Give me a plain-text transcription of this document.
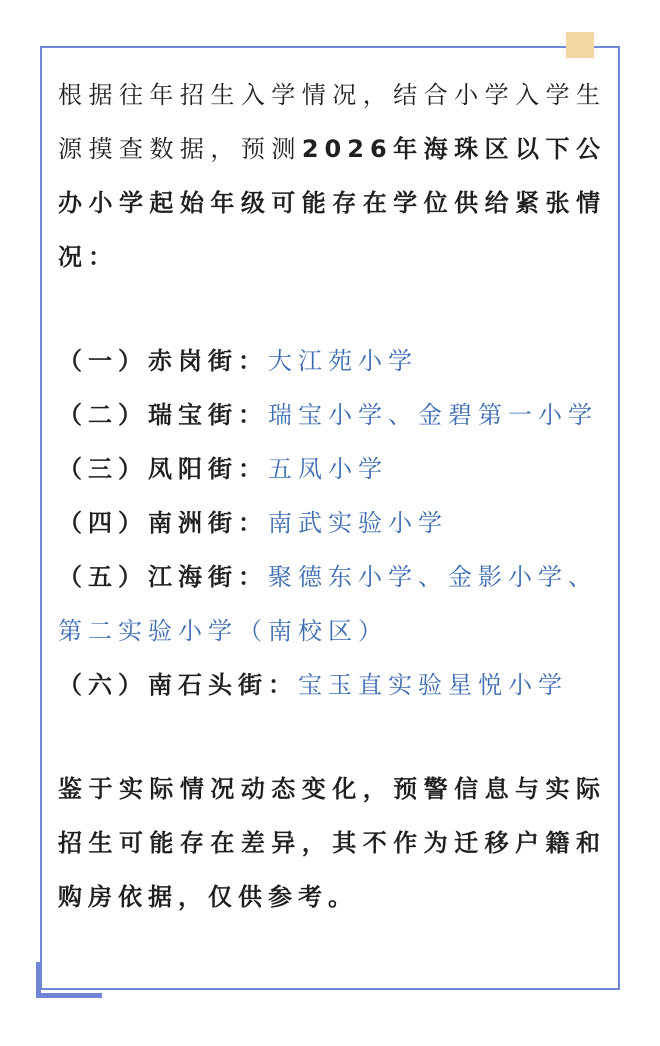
根据往年招生入学情况，结合小学入学生源摸查数据，预测2026年海珠区以下公办小学起始年级可能存在学位供给紧张情况：

（一）赤岗街：大江苑小学

（二）瑞宝街：瑞宝小学、金碧第一小学

（三）凤阳街：五凤小学

（四）南洲街：南武实验小学

（五）江海街：聚德东小学、金影小学、第二实验小学（南校区）

（六）南石头街：宝玉直实验星悦小学

鉴于实际情况动态变化，预警信息与实际招生可能存在差异，其不作为迁移户籍和购房依据，仅供参考。
